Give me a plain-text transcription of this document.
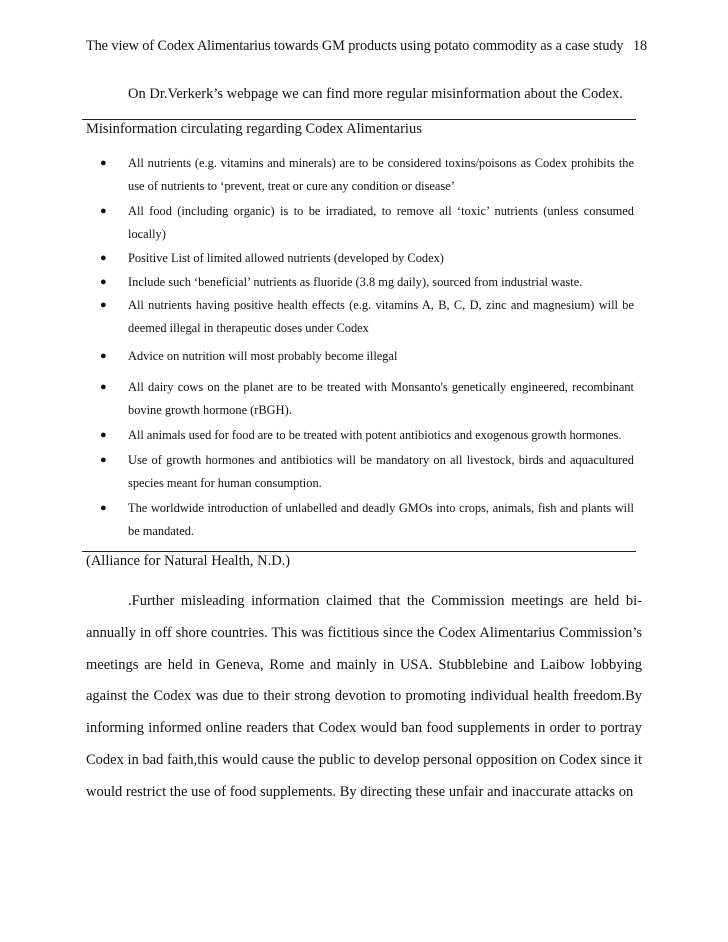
The view of Codex Alimentarius towards GM products using potato commodity as a case study 18
On Dr.Verkerk’s webpage we can find more regular misinformation about the Codex.
Misinformation circulating regarding Codex Alimentarius
● All nutrients (e.g. vitamins and minerals) are to be considered toxins/poisons as Codex prohibits the use of nutrients to ‘prevent, treat or cure any condition or disease’
● All food (including organic) is to be irradiated, to remove all ‘toxic’ nutrients (unless consumed locally)
● Positive List of limited allowed nutrients (developed by Codex)
● Include such ‘beneficial’ nutrients as fluoride (3.8 mg daily), sourced from industrial waste.
● All nutrients having positive health effects (e.g. vitamins A, B, C, D, zinc and magnesium) will be deemed illegal in therapeutic doses under Codex
● Advice on nutrition will most probably become illegal
● All dairy cows on the planet are to be treated with Monsanto's genetically engineered, recombinant bovine growth hormone (rBGH).
● All animals used for food are to be treated with potent antibiotics and exogenous growth hormones.
● Use of growth hormones and antibiotics will be mandatory on all livestock, birds and aquacultured species meant for human consumption.
● The worldwide introduction of unlabelled and deadly GMOs into crops, animals, fish and plants will be mandated.
(Alliance for Natural Health, N.D.)

.Further misleading information claimed that the Commission meetings are held bi-annually in off shore countries. This was fictitious since the Codex Alimentarius Commission’s meetings are held in Geneva, Rome and mainly in USA. Stubblebine and Laibow lobbying against the Codex was due to their strong devotion to promoting individual health freedom.By informing informed online readers that Codex would ban food supplements in order to portray Codex in bad faith,this would cause the public to develop personal opposition on Codex since it would restrict the use of food supplements. By directing these unfair and inaccurate attacks on
